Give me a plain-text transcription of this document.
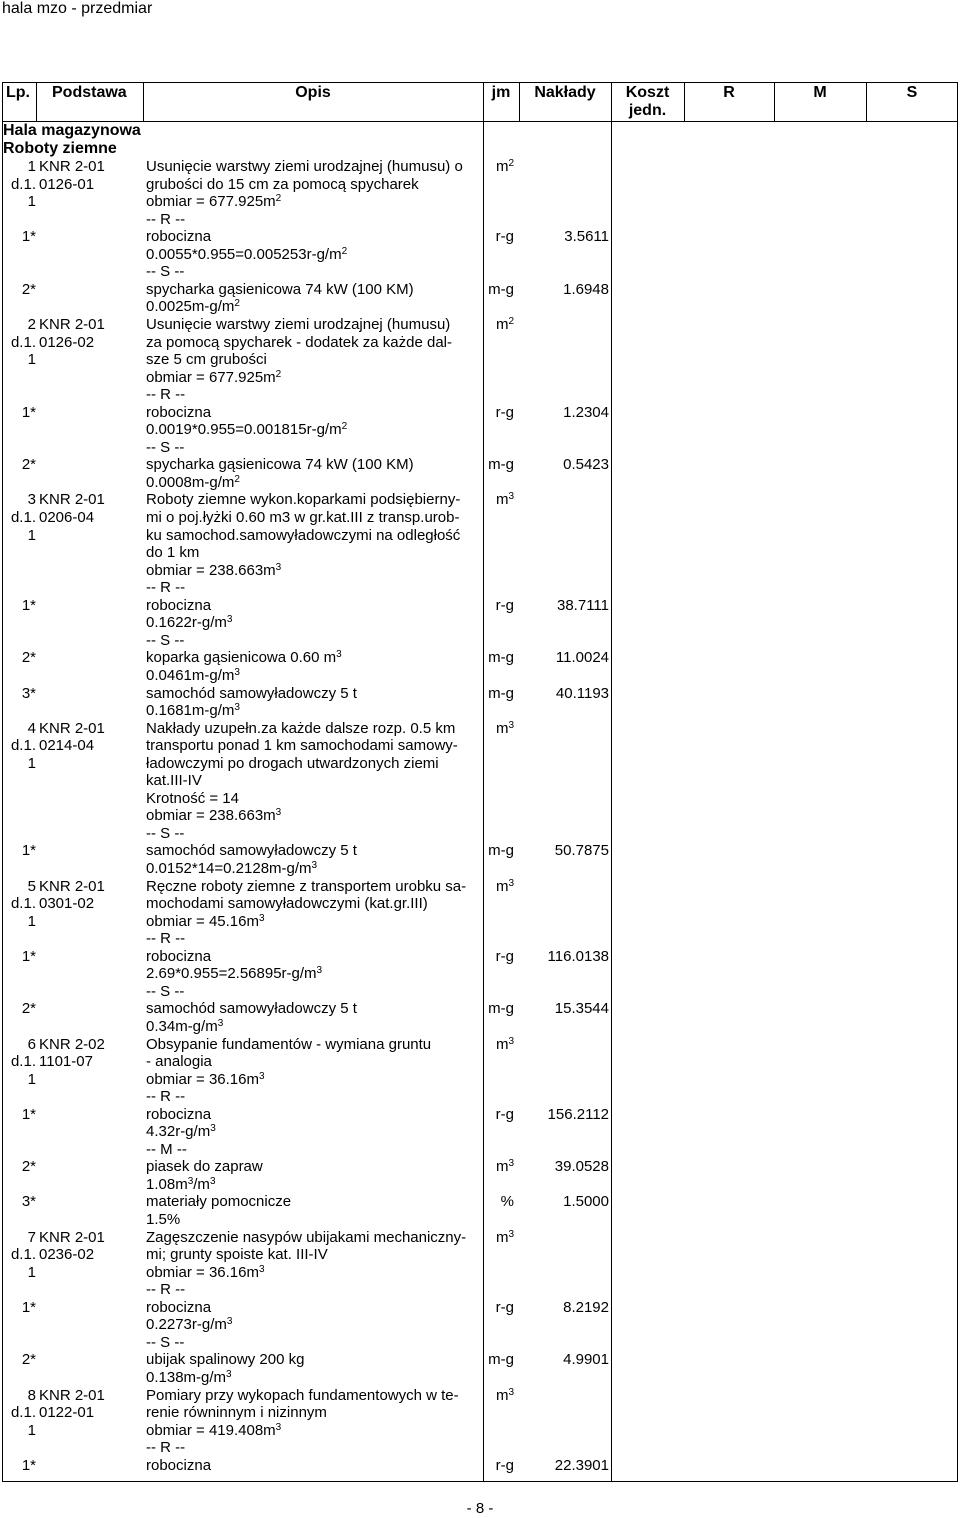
hala mzo - przedmiar
Lp. Podstawa	Opis	jm	Nakłady	Koszt
jedn.
R	M	S
Hala magazynowa
Roboty ziemne
1 KNR 2-01	Usunięcie warstwy ziemi urodzajnej (humusu) o	$m^2$
d.1. 0126-01	grubości do 15 cm za pomocą spycharek
1	obmiar = $677.925m^2$
-- R --
1*	robocizna	r-g	3.5611
$0.0055*0.955=0.005253r-g/m^2$
-- S --
2*	spycharka gąsienicowa 74 kW (100 KM)	m-g	1.6948
$0.0025m-g/m^2$
2 KNR 2-01	Usunięcie warstwy ziemi urodzajnej (humusu)	$m^2$
d.1. 0126-02	za pomocą spycharek - dodatek za każde dal-
1	sze 5 cm grubości
obmiar = $677.925m^2$
-- R --
1*	robocizna	r-g	1.2304
$0.0019*0.955=0.001815r-g/m^2$
-- S --
2*	spycharka gąsienicowa 74 kW (100 KM)	m-g	0.5423
$0.0008m-g/m^2$
3 KNR 2-01	Roboty ziemne wykon.koparkami podsiębierny-	$m^3$
d.1. 0206-04	mi o poj.łyżki 0.60 m3 w gr.kat.III z transp.urob-
1	ku samochod.samowyładowczymi na odległość
do 1 km
obmiar = $238.663m^3$
-- R --
1*	robocizna	r-g	38.7111
$0.1622r-g/m^3$
-- S --
2*	koparka gąsienicowa 0.60 $m^3$	m-g	11.0024
$0.0461m-g/m^3$
3*	samochód samowyładowczy 5 t	m-g	40.1193
$0.1681m-g/m^3$
4 KNR 2-01	Nakłady uzupełn.za każde dalsze rozp. 0.5 km	$m^3$
d.1. 0214-04	transportu ponad 1 km samochodami samowy-
1	ładowczymi po drogach utwardzonych ziemi
kat.III-IV
Krotność = 14
obmiar = $238.663m^3$
-- S --
1*	samochód samowyładowczy 5 t	m-g	50.7875
$0.0152*14=0.2128m-g/m^3$
5 KNR 2-01	Ręczne roboty ziemne z transportem urobku sa-	$m^3$
d.1. 0301-02	mochodami samowyładowczymi (kat.gr.III)
1	obmiar = $45.16m^3$
-- R --
1*	robocizna	r-g	116.0138
$2.69*0.955=2.56895r-g/m^3$
-- S --
2*	samochód samowyładowczy 5 t	m-g	15.3544
$0.34m-g/m^3$
6 KNR 2-02	Obsypanie fundamentów - wymiana gruntu	$m^3$
d.1. 1101-07	- analogia
1	obmiar = $36.16m^3$
-- R --
1*	robocizna	r-g	156.2112
$4.32r-g/m^3$
-- M --
2*	piasek do zapraw	$m^3$	39.0528
$1.08m^3/m^3$
3*	materiały pomocnicze	%	1.5000
1.5%
7 KNR 2-01	Zagęszczenie nasypów ubijakami mechaniczny-	$m^3$
d.1. 0236-02	mi; grunty spoiste kat. III-IV
1	obmiar = $36.16m^3$
-- R --
1*	robocizna	r-g	8.2192
$0.2273r-g/m^3$
-- S --
2*	ubijak spalinowy 200 kg	m-g	4.9901
$0.138m-g/m^3$
8 KNR 2-01	Pomiary przy wykopach fundamentowych w te-	$m^3$
d.1. 0122-01	renie równinnym i nizinnym
1	obmiar = $419.408m^3$
-- R --
1*	robocizna	r-g	22.3901
- 8 -
